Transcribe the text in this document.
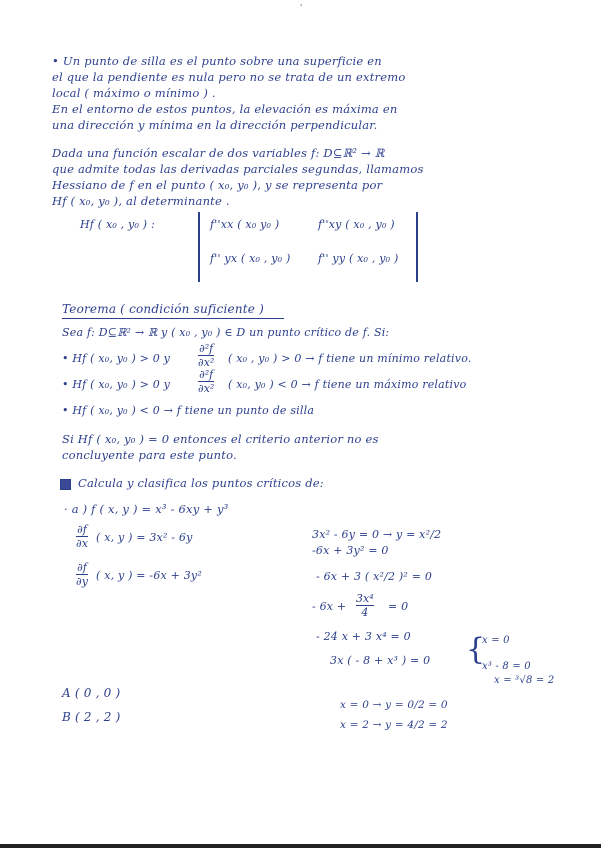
'
• Un punto de silla es el punto sobre una superficie en
el que la pendiente es nula pero no se trata de un extremo
local ( máximo o mínimo ) .
En el entorno de estos puntos, la elevación es máxima en
una dirección y mínima en la dirección perpendicular.
Dada una función escalar de dos variables f: D⊆ℝ² → ℝ
que admite todas las derivadas parciales segundas, llamamos
Hessiano de f en el punto ( x₀, y₀ ), y se representa por
Hf ( x₀, y₀ ), al determinante .
Hf ( x₀ , y₀ ) :	f''xx ( x₀ y₀ )	f''xy ( x₀ , y₀ )
f'' yx ( x₀ , y₀ )	f'' yy ( x₀ , y₀ )
Teorema ( condición suficiente )
Sea f: D⊆ℝ² → ℝ y ( x₀ , y₀ ) ∈ D un punto crítico de f. Si:
• Hf ( x₀, y₀ ) > 0 y
∂²f
∂x² ( x₀ , y₀ ) > 0 → f tiene un mínimo relativo.
• Hf ( x₀, y₀ ) > 0 y
∂²f
∂x² ( x₀, y₀ ) < 0 → f tiene un máximo relativo
• Hf ( x₀, y₀ ) < 0 → f tiene un punto de silla
Si Hf ( x₀, y₀ ) = 0 entonces el criterio anterior no es
concluyente para este punto.
Calcula y clasifica los puntos críticos de:
· a ) f ( x, y ) = x³ - 6xy + y³
∂f
∂x ( x, y ) = 3x² - 6y
∂f
∂y ( x, y ) = -6x + 3y²
3x² - 6y = 0 → y = x²/2
-6x + 3y² = 0
- 6x + 3 ( x²/2 )² = 0
- 6x +
3x⁴
4	= 0
- 24 x + 3 x⁴ = 0
3x ( - 8 + x³ ) = 0 {
x = 0
x³ - 8 = 0
x = ³√8 = 2
A ( 0 , 0 )
B ( 2 , 2 )
x = 0 → y = 0/2 = 0
x = 2 → y = 4/2 = 2
